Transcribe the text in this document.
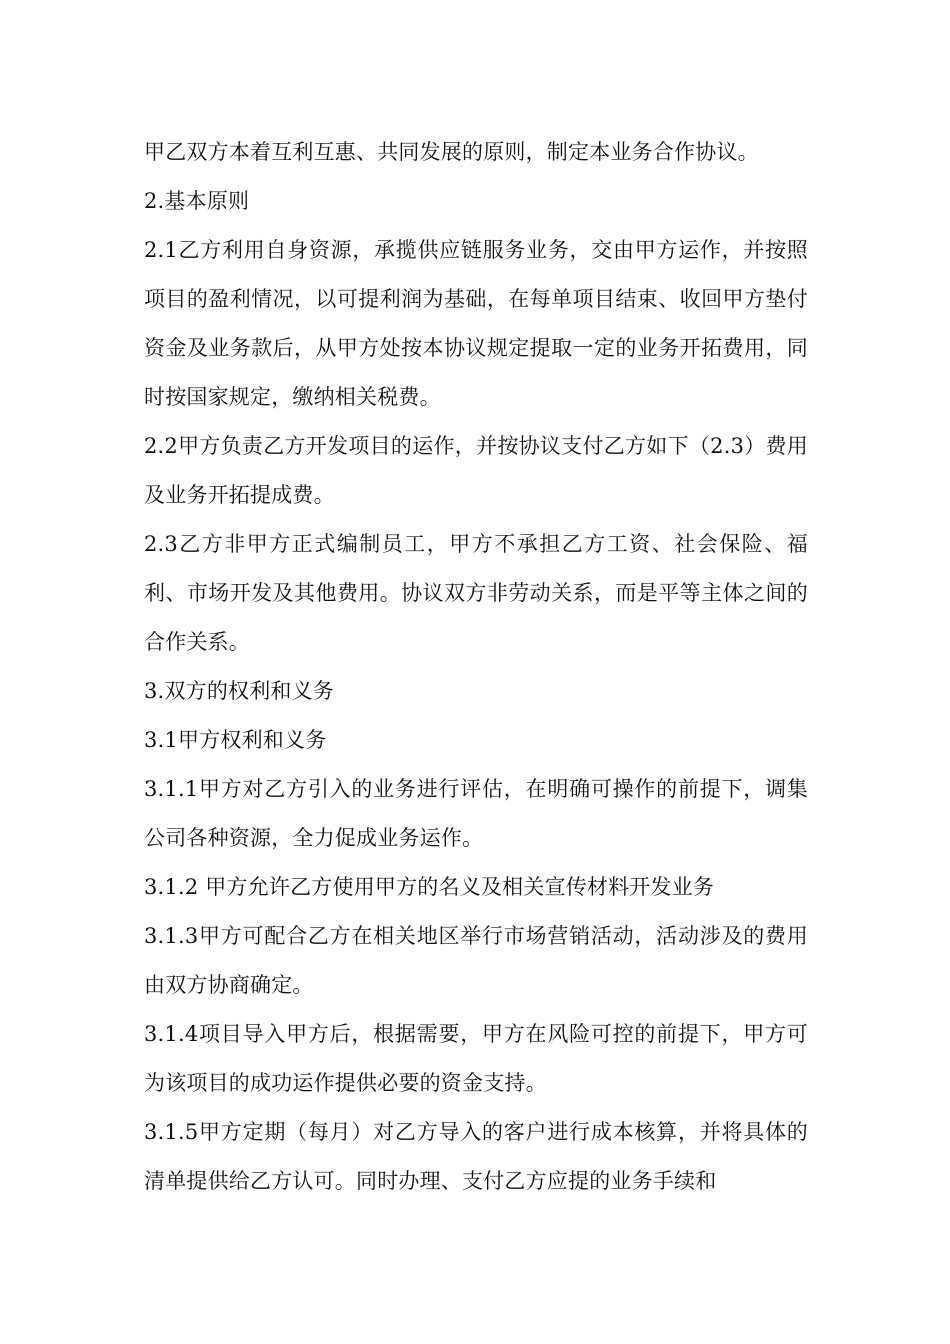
甲乙双方本着互利互惠、共同发展的原则，制定本业务合作协议。

2.基本原则

2.1乙方利用自身资源，承揽供应链服务业务，交由甲方运作，并按照项目的盈利情况，以可提利润为基础，在每单项目结束、收回甲方垫付资金及业务款后，从甲方处按本协议规定提取一定的业务开拓费用，同时按国家规定，缴纳相关税费。

2.2甲方负责乙方开发项目的运作，并按协议支付乙方如下（2.3）费用及业务开拓提成费。

2.3乙方非甲方正式编制员工，甲方不承担乙方工资、社会保险、福利、市场开发及其他费用。协议双方非劳动关系，而是平等主体之间的合作关系。

3.双方的权利和义务

3.1甲方权利和义务

3.1.1甲方对乙方引入的业务进行评估，在明确可操作的前提下，调集公司各种资源，全力促成业务运作。

3.1.2 甲方允许乙方使用甲方的名义及相关宣传材料开发业务

3.1.3甲方可配合乙方在相关地区举行市场营销活动，活动涉及的费用由双方协商确定。

3.1.4项目导入甲方后，根据需要，甲方在风险可控的前提下，甲方可为该项目的成功运作提供必要的资金支持。

3.1.5甲方定期（每月）对乙方导入的客户进行成本核算，并将具体的清单提供给乙方认可。同时办理、支付乙方应提的业务手续和
